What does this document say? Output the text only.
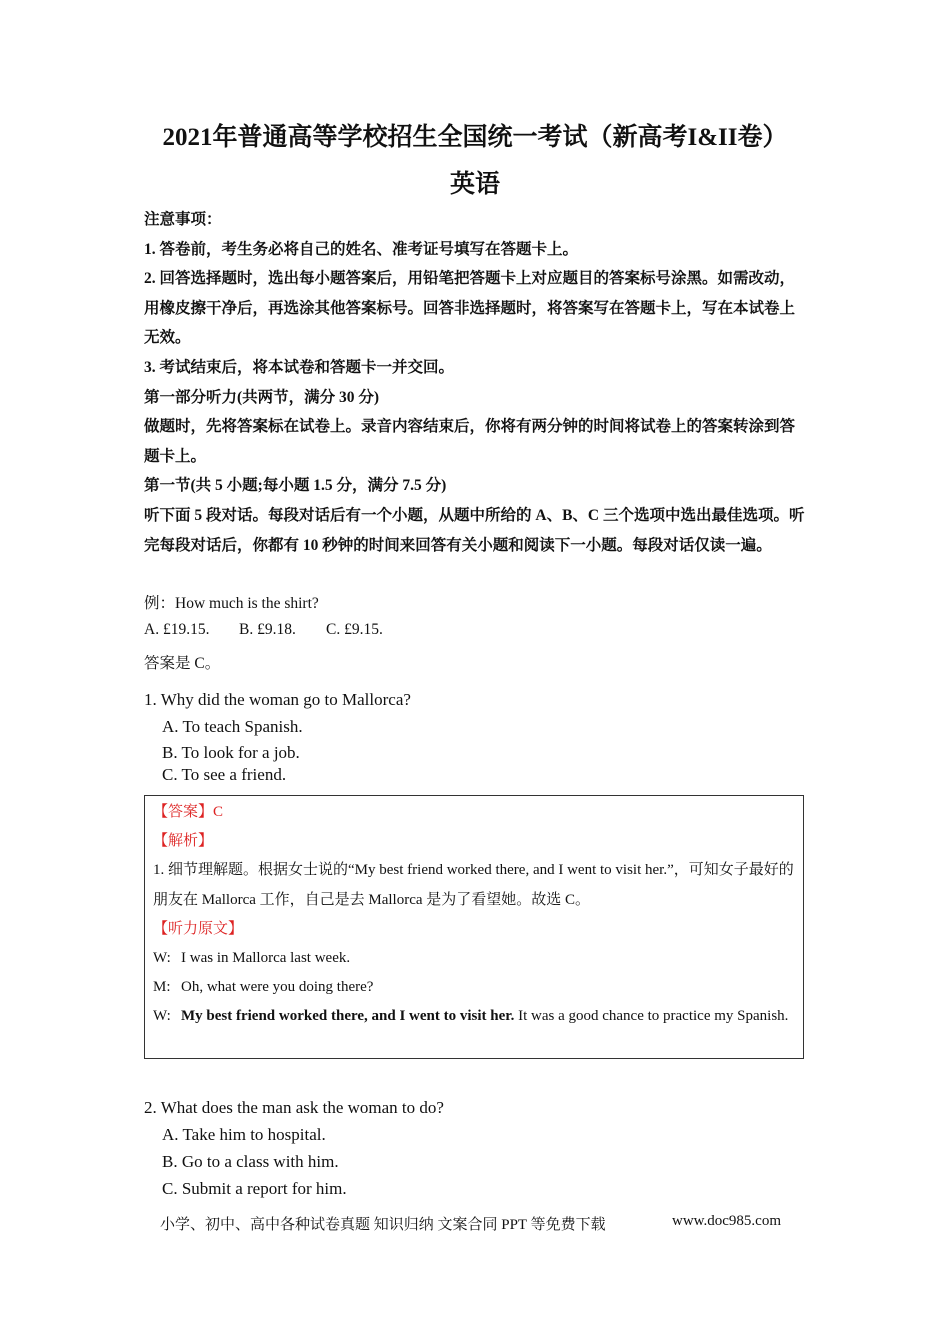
2021年普通高等学校招生全国统一考试（新高考I&II卷）
英语

注意事项：

1. 答卷前，考生务必将自己的姓名、准考证号填写在答题卡上。

2. 回答选择题时，选出每小题答案后，用铅笔把答题卡上对应题目的答案标号涂黑。如需改动，用橡皮擦干净后，再选涂其他答案标号。回答非选择题时，将答案写在答题卡上，写在本试卷上无效。

3. 考试结束后，将本试卷和答题卡一并交回。

第一部分听力(共两节，满分 30 分)

做题时，先将答案标在试卷上。录音内容结束后，你将有两分钟的时间将试卷上的答案转涂到答题卡上。

第一节(共 5 小题;每小题 1.5 分，满分 7.5 分)

听下面 5 段对话。每段对话后有一个小题，从题中所给的 A、B、C 三个选项中选出最佳选项。听完每段对话后，你都有 10 秒钟的时间来回答有关小题和阅读下一小题。每段对话仅读一遍。

例：How much is the shirt?
A. £19.15. B. £9.18. C. £9.15.
答案是 C。

1. Why did the woman go to Mallorca?

A. To teach Spanish.

B. To look for a job.

C. To see a friend.

【答案】C

【解析】

1. 细节理解题。根据女士说的“My best friend worked there, and I went to visit her.”，可知女子最好的朋友在 Mallorca 工作，自己是去 Mallorca 是为了看望她。故选 C。

【听力原文】

W: I was in Mallorca last week.
M: Oh, what were you doing there?
W: My best friend worked there, and I went to visit her. It was a good chance to practice my Spanish.

2. What does the man ask the woman to do?

A. Take him to hospital.

B. Go to a class with him.

C. Submit a report for him.

小学、初中、高中各种试卷真题 知识归纳 文案合同 PPT 等免费下载	www.doc985.com
